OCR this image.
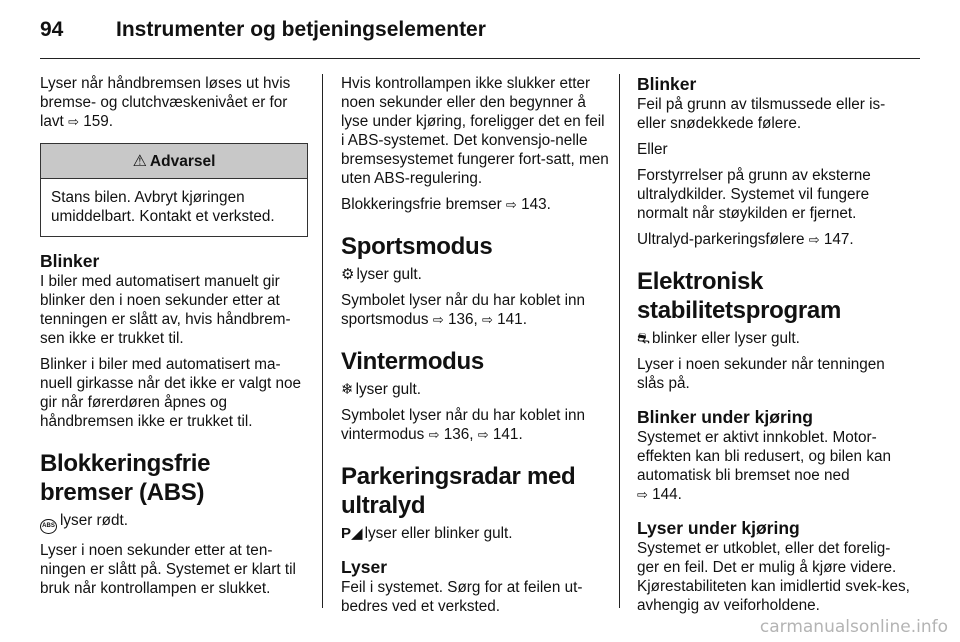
94	Instrumenter og betjeningselementer

Lyser når håndbremsen løses ut hvis bremse- og clutchvæskenivået er for lavt ⇨ 159.

⚠ Advarsel
Stans bilen. Avbryt kjøringen umiddelbart. Kontakt et verksted.
Blinker

I biler med automatisert manuelt gir blinker den i noen sekunder etter at tenningen er slått av, hvis håndbrem-sen ikke er trukket til.

Blinker i biler med automatisert ma-nuell girkasse når det ikke er valgt noe gir når førerdøren åpnes og håndbremsen ikke er trukket til.

Blokkeringsfrie bremser (ABS)

ABS lyser rødt.

Lyser i noen sekunder etter at ten-ningen er slått på. Systemet er klart til bruk når kontrollampen er slukket.

Hvis kontrollampen ikke slukker etter noen sekunder eller den begynner å lyse under kjøring, foreligger det en feil i ABS-systemet. Det konvensjo-nelle bremsesystemet fungerer fort-satt, men uten ABS-regulering.

Blokkeringsfrie bremser ⇨ 143.

Sportsmodus

⚙ lyser gult.

Symbolet lyser når du har koblet inn sportsmodus ⇨ 136, ⇨ 141.

Vintermodus

❄ lyser gult.

Symbolet lyser når du har koblet inn vintermodus ⇨ 136, ⇨ 141.

Parkeringsradar med ultralyd

P◢ lyser eller blinker gult.

Lyser

Feil i systemet. Sørg for at feilen ut-bedres ved et verksted.

Blinker

Feil på grunn av tilsmussede eller is- eller snødekkede følere.

Eller

Forstyrrelser på grunn av eksterne ultralydkilder. Systemet vil fungere normalt når støykilden er fjernet.

Ultralyd-parkeringsfølere ⇨ 147.

Elektronisk stabilitetsprogram

⛐ blinker eller lyser gult.

Lyser i noen sekunder når tenningen slås på.

Blinker under kjøring

Systemet er aktivt innkoblet. Motor-effekten kan bli redusert, og bilen kan automatisk bli bremset noe ned
⇨ 144.

Lyser under kjøring

Systemet er utkoblet, eller det forelig-ger en feil. Det er mulig å kjøre videre. Kjørestabiliteten kan imidlertid svek-kes, avhengig av veiforholdene.

carmanualsonline.info
